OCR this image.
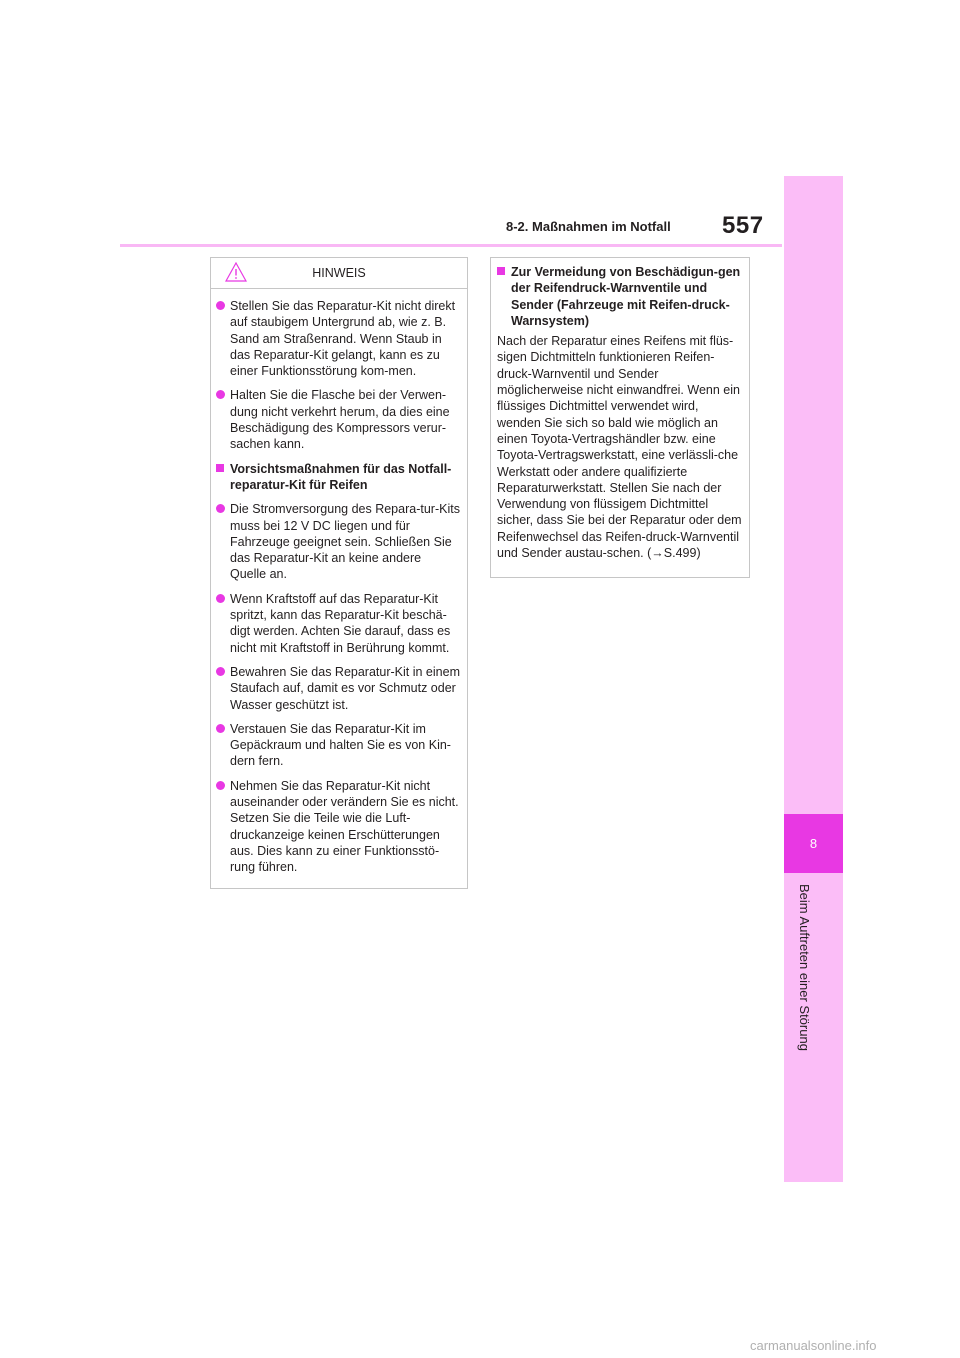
8
Beim Auftreten einer Störung
8-2. Maßnahmen im Notfall 557
HINWEIS
Stellen Sie das Reparatur-Kit nicht direkt auf staubigem Untergrund ab, wie z. B. Sand am Straßenrand. Wenn Staub in das Reparatur-Kit gelangt, kann es zu einer Funktionsstörung kom-men.
Halten Sie die Flasche bei der Verwen-dung nicht verkehrt herum, da dies eine Beschädigung des Kompressors verur-sachen kann.
Vorsichtsmaßnahmen für das Notfall-reparatur-Kit für Reifen
Die Stromversorgung des Repara-tur-Kits muss bei 12 V DC liegen und für Fahrzeuge geeignet sein. Schließen Sie das Reparatur-Kit an keine andere Quelle an.
Wenn Kraftstoff auf das Reparatur-Kit spritzt, kann das Reparatur-Kit beschä-digt werden. Achten Sie darauf, dass es nicht mit Kraftstoff in Berührung kommt.
Bewahren Sie das Reparatur-Kit in einem Staufach auf, damit es vor Schmutz oder Wasser geschützt ist.
Verstauen Sie das Reparatur-Kit im Gepäckraum und halten Sie es von Kin-dern fern.
Nehmen Sie das Reparatur-Kit nicht auseinander oder verändern Sie es nicht. Setzen Sie die Teile wie die Luft-druckanzeige keinen Erschütterungen aus. Dies kann zu einer Funktionsstö-rung führen.
Zur Vermeidung von Beschädigun-gen der Reifendruck-Warnventile und Sender (Fahrzeuge mit Reifen-druck-Warnsystem)
Nach der Reparatur eines Reifens mit flüs-sigen Dichtmitteln funktionieren Reifen-druck-Warnventil und Sender möglicherweise nicht einwandfrei. Wenn ein flüssiges Dichtmittel verwendet wird, wenden Sie sich so bald wie möglich an einen Toyota-Vertragshändler bzw. eine Toyota-Vertragswerkstatt, eine verlässli-che Werkstatt oder andere qualifizierte Reparaturwerkstatt. Stellen Sie nach der Verwendung von flüssigem Dichtmittel sicher, dass Sie bei der Reparatur oder dem Reifenwechsel das Reifen-druck-Warnventil und Sender austau-schen. (→S.499)
carmanualsonline.info
